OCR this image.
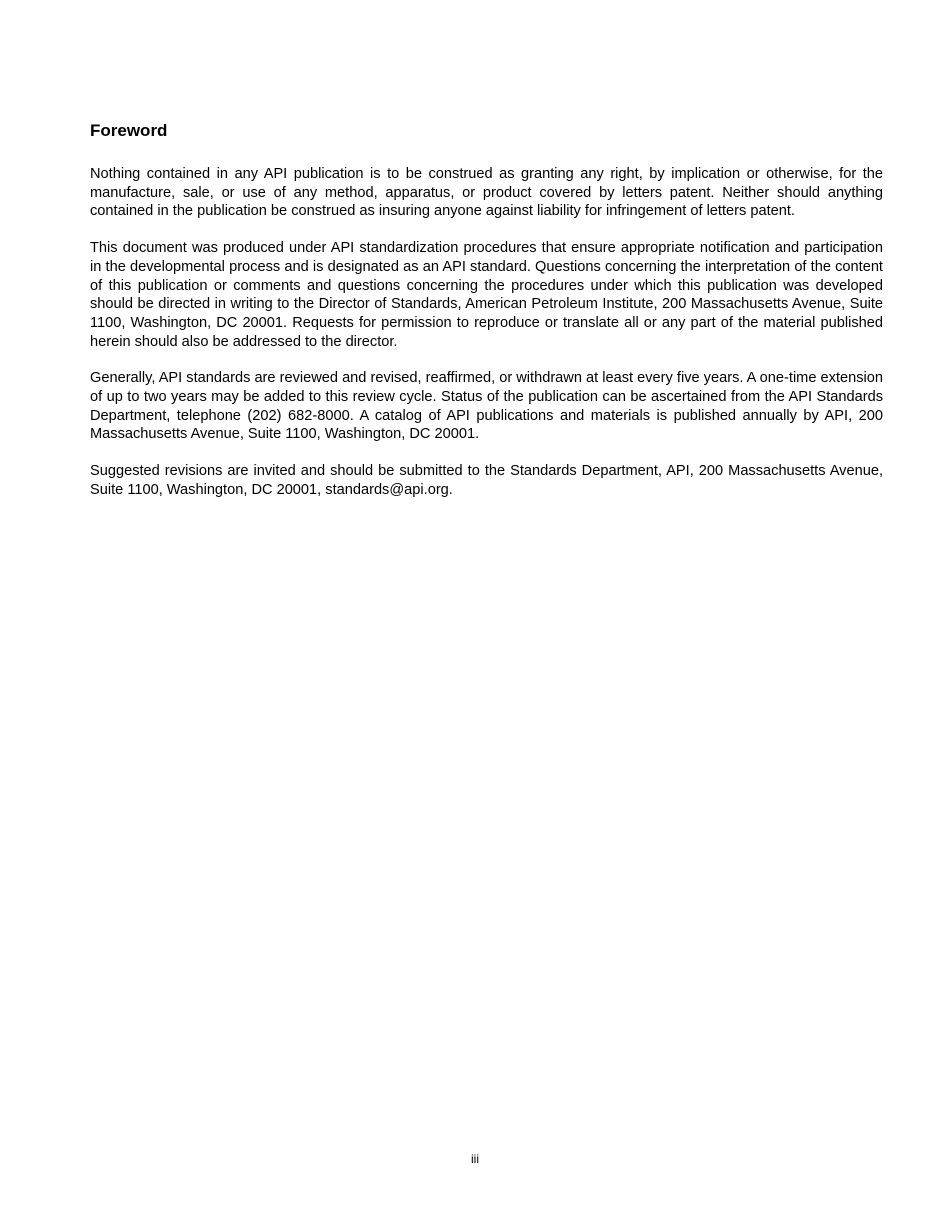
Foreword

Nothing contained in any API publication is to be construed as granting any right, by implication or otherwise, for the manufacture, sale, or use of any method, apparatus, or product covered by letters patent. Neither should anything contained in the publication be construed as insuring anyone against liability for infringement of letters patent.

This document was produced under API standardization procedures that ensure appropriate notification and participation in the developmental process and is designated as an API standard. Questions concerning the interpretation of the content of this publication or comments and questions concerning the procedures under which this publication was developed should be directed in writing to the Director of Standards, American Petroleum Institute, 200 Massachusetts Avenue, Suite 1100, Washington, DC 20001. Requests for permission to reproduce or translate all or any part of the material published herein should also be addressed to the director.

Generally, API standards are reviewed and revised, reaffirmed, or withdrawn at least every five years. A one-time extension of up to two years may be added to this review cycle. Status of the publication can be ascertained from the API Standards Department, telephone (202) 682-8000. A catalog of API publications and materials is published annually by API, 200 Massachusetts Avenue, Suite 1100, Washington, DC 20001.

Suggested revisions are invited and should be submitted to the Standards Department, API, 200 Massachusetts Avenue, Suite 1100, Washington, DC 20001, standards@api.org.

iii
